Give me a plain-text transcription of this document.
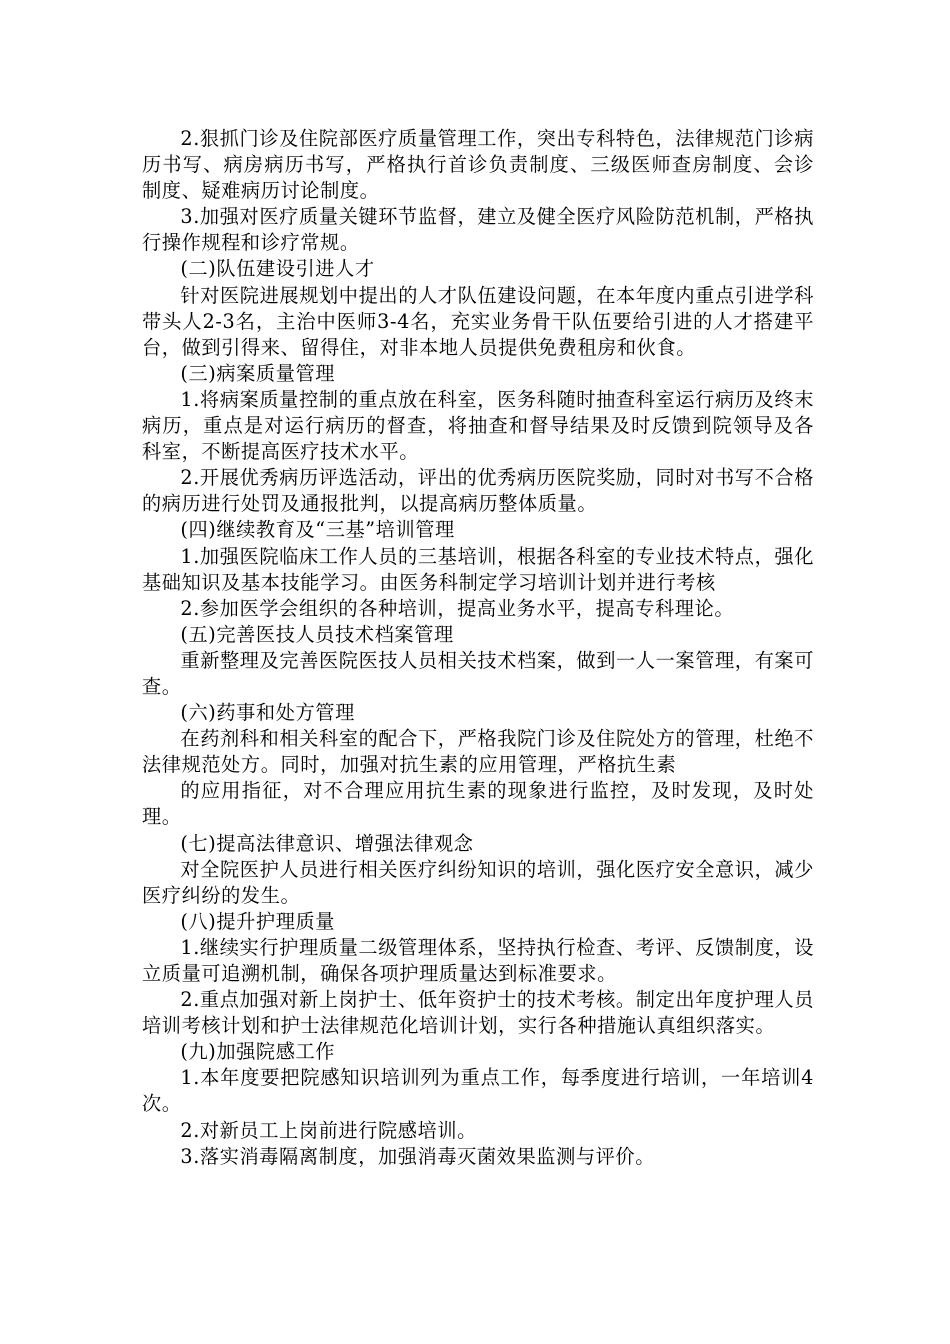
2.狠抓门诊及住院部医疗质量管理工作，突出专科特色，法律规范门诊病历书写、病房病历书写，严格执行首诊负责制度、三级医师查房制度、会诊制度、疑难病历讨论制度。

3.加强对医疗质量关键环节监督，建立及健全医疗风险防范机制，严格执行操作规程和诊疗常规。

(二)队伍建设引进人才

针对医院进展规划中提出的人才队伍建设问题，在本年度内重点引进学科带头人2-3名，主治中医师3-4名，充实业务骨干队伍要给引进的人才搭建平台，做到引得来、留得住，对非本地人员提供免费租房和伙食。

(三)病案质量管理

1.将病案质量控制的重点放在科室，医务科随时抽查科室运行病历及终末病历，重点是对运行病历的督查，将抽查和督导结果及时反馈到院领导及各科室，不断提高医疗技术水平。

2.开展优秀病历评选活动，评出的优秀病历医院奖励，同时对书写不合格的病历进行处罚及通报批判，以提高病历整体质量。

(四)继续教育及“三基”培训管理

1.加强医院临床工作人员的三基培训，根据各科室的专业技术特点，强化基础知识及基本技能学习。由医务科制定学习培训计划并进行考核

2.参加医学会组织的各种培训，提高业务水平，提高专科理论。

(五)完善医技人员技术档案管理

重新整理及完善医院医技人员相关技术档案，做到一人一案管理，有案可查。

(六)药事和处方管理

在药剂科和相关科室的配合下，严格我院门诊及住院处方的管理，杜绝不法律规范处方。同时，加强对抗生素的应用管理，严格抗生素

的应用指征，对不合理应用抗生素的现象进行监控，及时发现，及时处理。

(七)提高法律意识、增强法律观念

对全院医护人员进行相关医疗纠纷知识的培训，强化医疗安全意识，减少医疗纠纷的发生。

(八)提升护理质量

1.继续实行护理质量二级管理体系，坚持执行检查、考评、反馈制度，设立质量可追溯机制，确保各项护理质量达到标准要求。

2.重点加强对新上岗护士、低年资护士的技术考核。制定出年度护理人员培训考核计划和护士法律规范化培训计划，实行各种措施认真组织落实。

(九)加强院感工作

1.本年度要把院感知识培训列为重点工作，每季度进行培训，一年培训4次。

2.对新员工上岗前进行院感培训。

3.落实消毒隔离制度，加强消毒灭菌效果监测与评价。
